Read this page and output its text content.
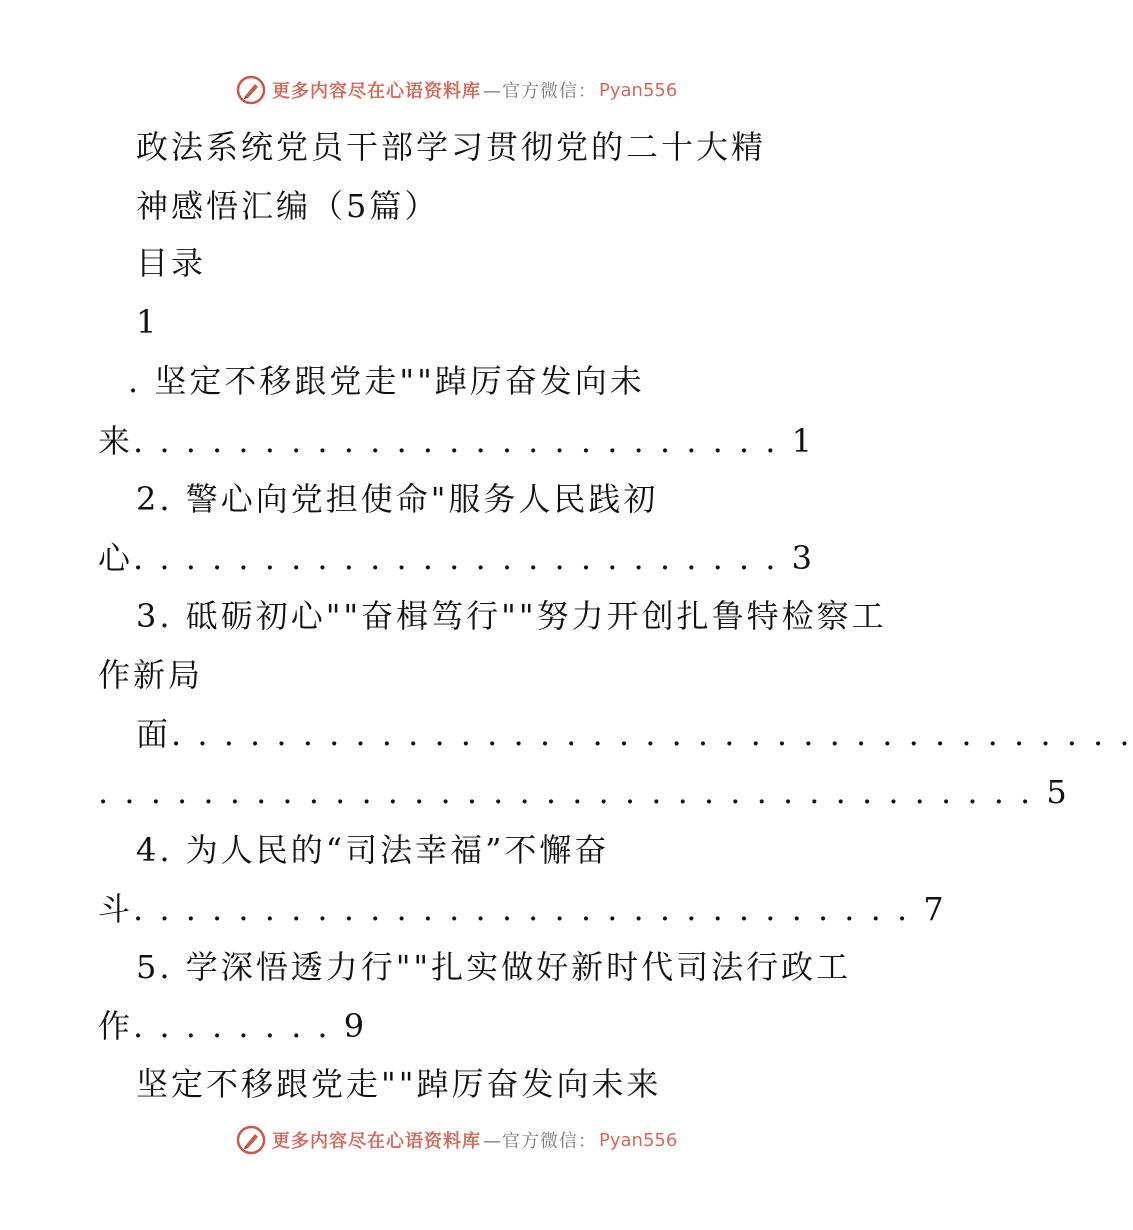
更多内容尽在心语资料库 —官方微信： Pyan556
政法系统党员干部学习贯彻党的二十大精
神感悟汇编（5篇）
目录
1
. 坚定不移跟党走""踔厉奋发向未
来. . . . . . . . . . . . . . . . . . . . . . . . . 1
2. 警心向党担使命"服务人民践初
心. . . . . . . . . . . . . . . . . . . . . . . . . 3
3. 砥砺初心""奋楫笃行""努力开创扎鲁特检察工
作新局
面. . . . . . . . . . . . . . . . . . . . . . . . . . . . . . . . . . . . .
. . . . . . . . . . . . . . . . . . . . . . . . . . . . . . . . . . . . 5
4. 为人民的“司法幸福”不懈奋
斗. . . . . . . . . . . . . . . . . . . . . . . . . . . . . . 7
5. 学深悟透力行""扎实做好新时代司法行政工
作. . . . . . . . 9
坚定不移跟党走""踔厉奋发向未来
更多内容尽在心语资料库 —官方微信： Pyan556
